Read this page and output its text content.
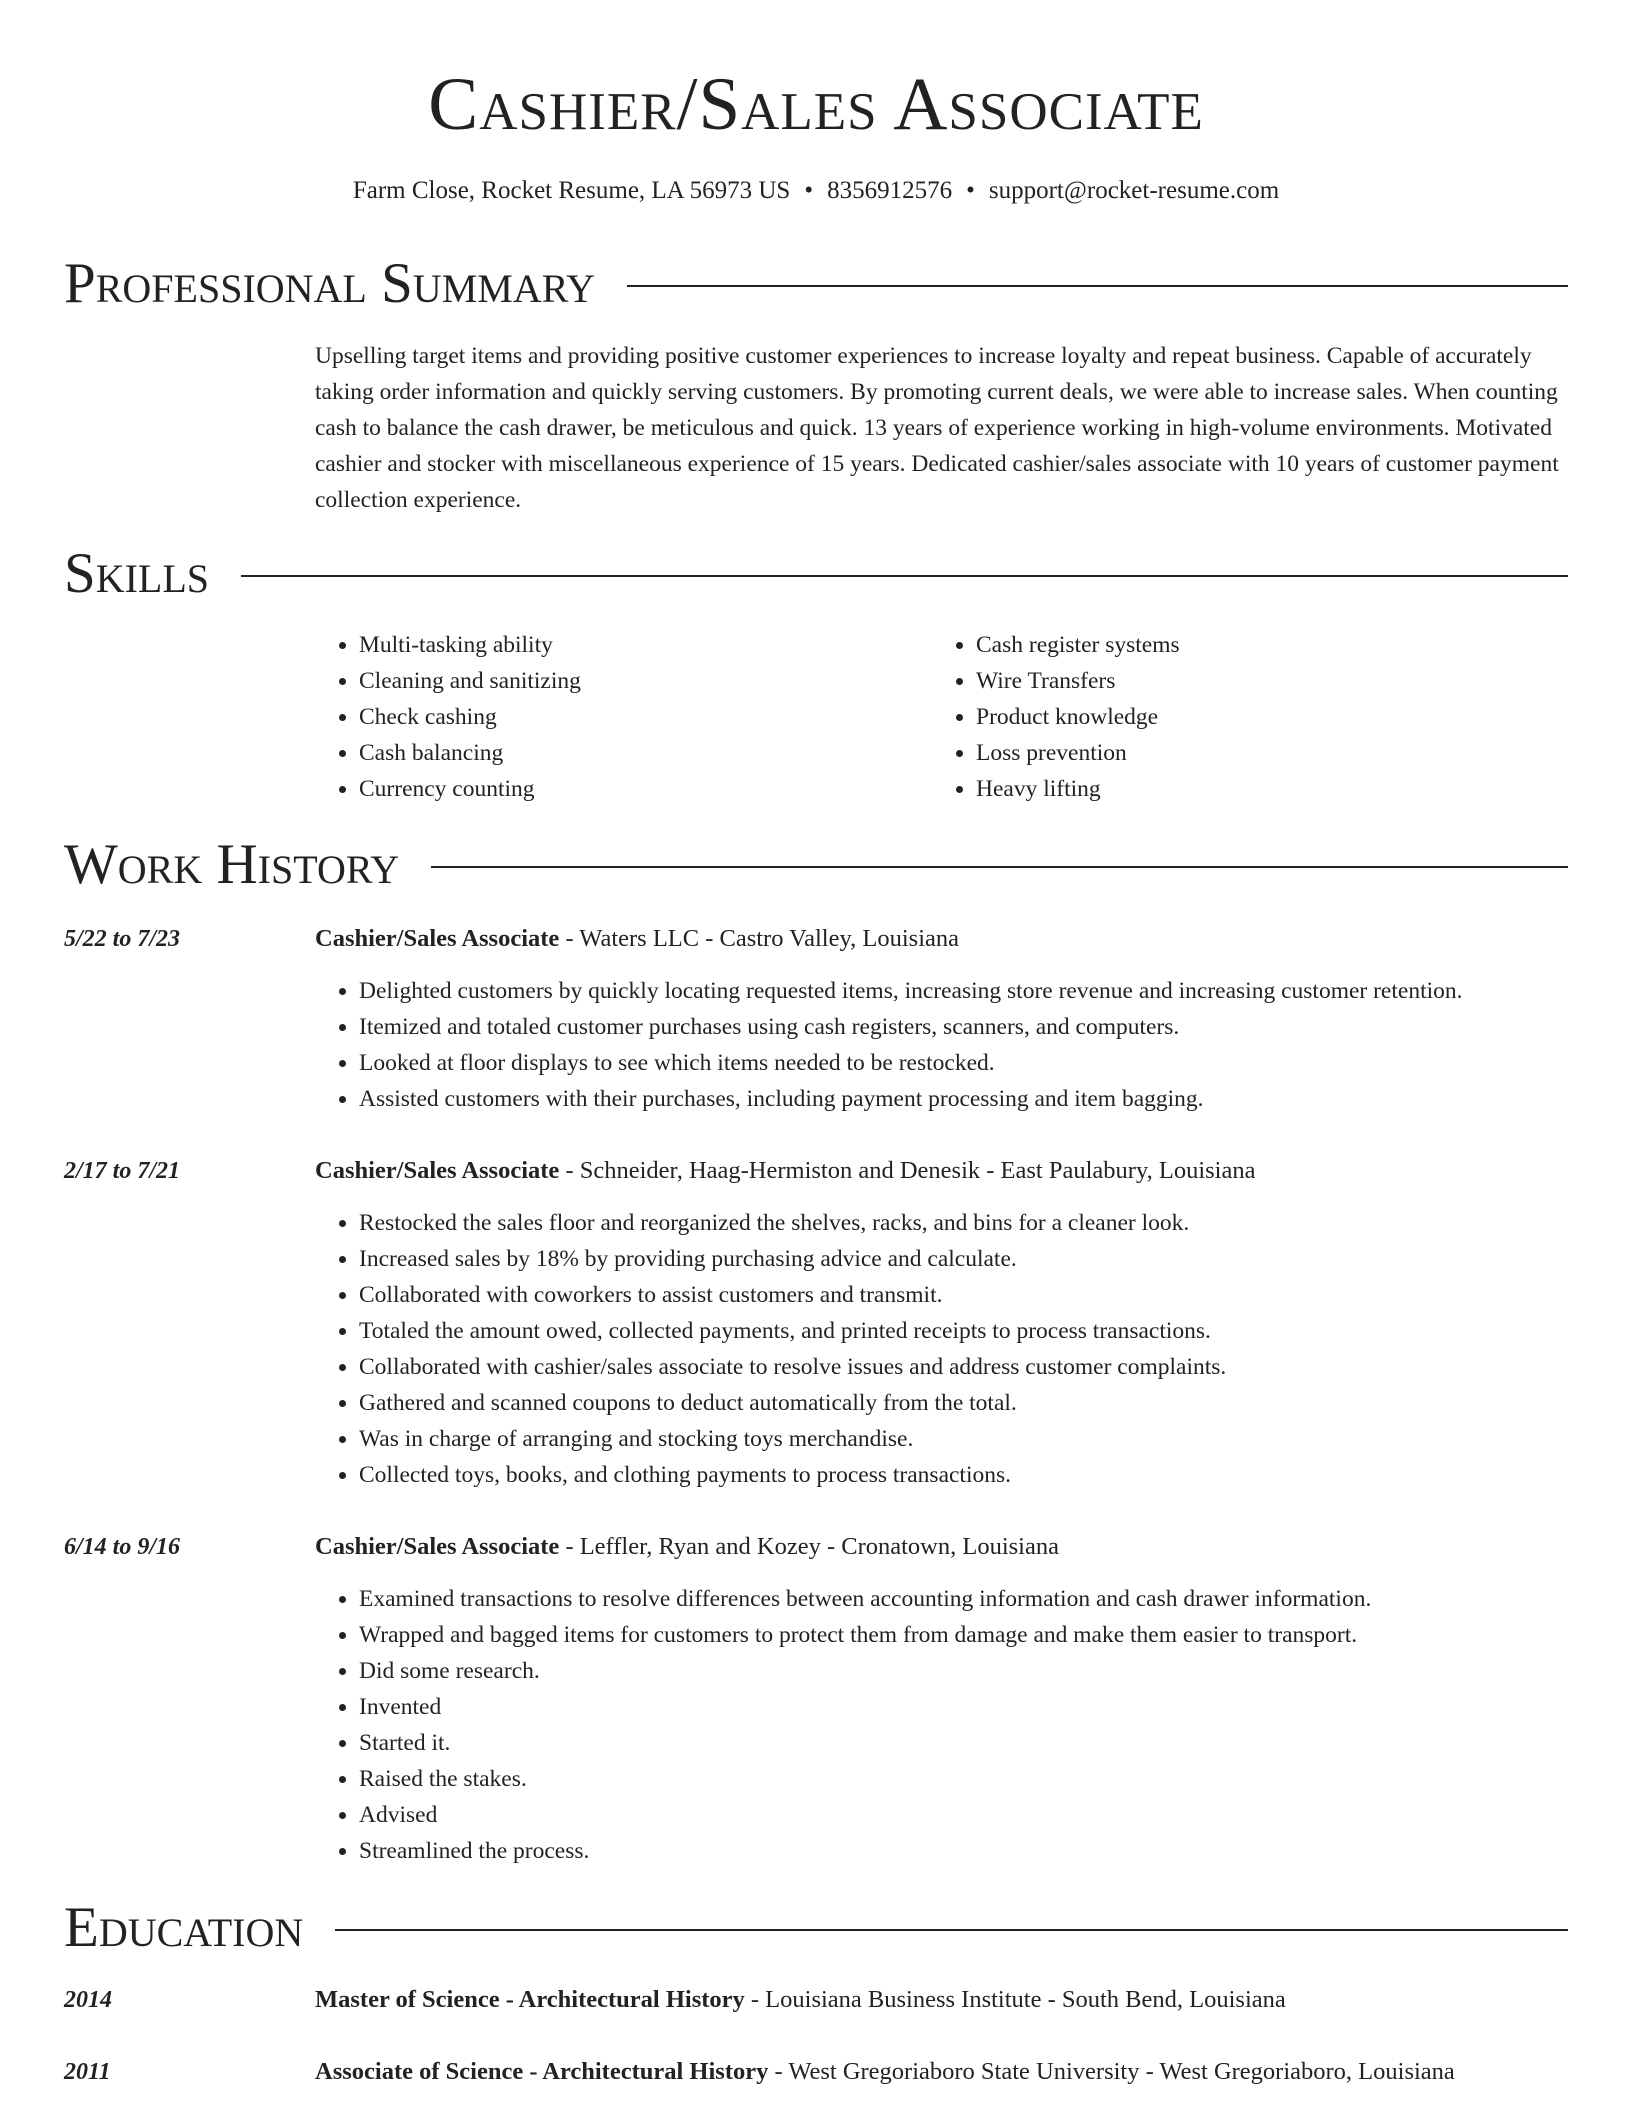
Cashier/Sales Associate
Farm Close, Rocket Resume, LA 56973 US • 8356912576 • support@rocket-resume.com
Professional Summary

Upselling target items and providing positive customer experiences to increase loyalty and repeat business. Capable of accurately taking order information and quickly serving customers. By promoting current deals, we were able to increase sales. When counting cash to balance the cash drawer, be meticulous and quick. 13 years of experience working in high-volume environments. Motivated cashier and stocker with miscellaneous experience of 15 years. Dedicated cashier/sales associate with 10 years of customer payment collection experience.

Skills
• Multi-tasking ability
• Cleaning and sanitizing
• Check cashing
• Cash balancing
• Currency counting
• Cash register systems
• Wire Transfers
• Product knowledge
• Loss prevention
• Heavy lifting
Work History
5/22 to 7/23	Cashier/Sales Associate - Waters LLC - Castro Valley, Louisiana
• Delighted customers by quickly locating requested items, increasing store revenue and increasing customer retention.
• Itemized and totaled customer purchases using cash registers, scanners, and computers.
• Looked at floor displays to see which items needed to be restocked.
• Assisted customers with their purchases, including payment processing and item bagging.
2/17 to 7/21	Cashier/Sales Associate - Schneider, Haag-Hermiston and Denesik - East Paulabury, Louisiana
• Restocked the sales floor and reorganized the shelves, racks, and bins for a cleaner look.
• Increased sales by 18% by providing purchasing advice and calculate.
• Collaborated with coworkers to assist customers and transmit.
• Totaled the amount owed, collected payments, and printed receipts to process transactions.
• Collaborated with cashier/sales associate to resolve issues and address customer complaints.
• Gathered and scanned coupons to deduct automatically from the total.
• Was in charge of arranging and stocking toys merchandise.
• Collected toys, books, and clothing payments to process transactions.
6/14 to 9/16	Cashier/Sales Associate - Leffler, Ryan and Kozey - Cronatown, Louisiana
• Examined transactions to resolve differences between accounting information and cash drawer information.
• Wrapped and bagged items for customers to protect them from damage and make them easier to transport.
• Did some research.
• Invented
• Started it.
• Raised the stakes.
• Advised
• Streamlined the process.
Education
2014	Master of Science - Architectural History - Louisiana Business Institute - South Bend, Louisiana
2011	Associate of Science - Architectural History - West Gregoriaboro State University - West Gregoriaboro, Louisiana
